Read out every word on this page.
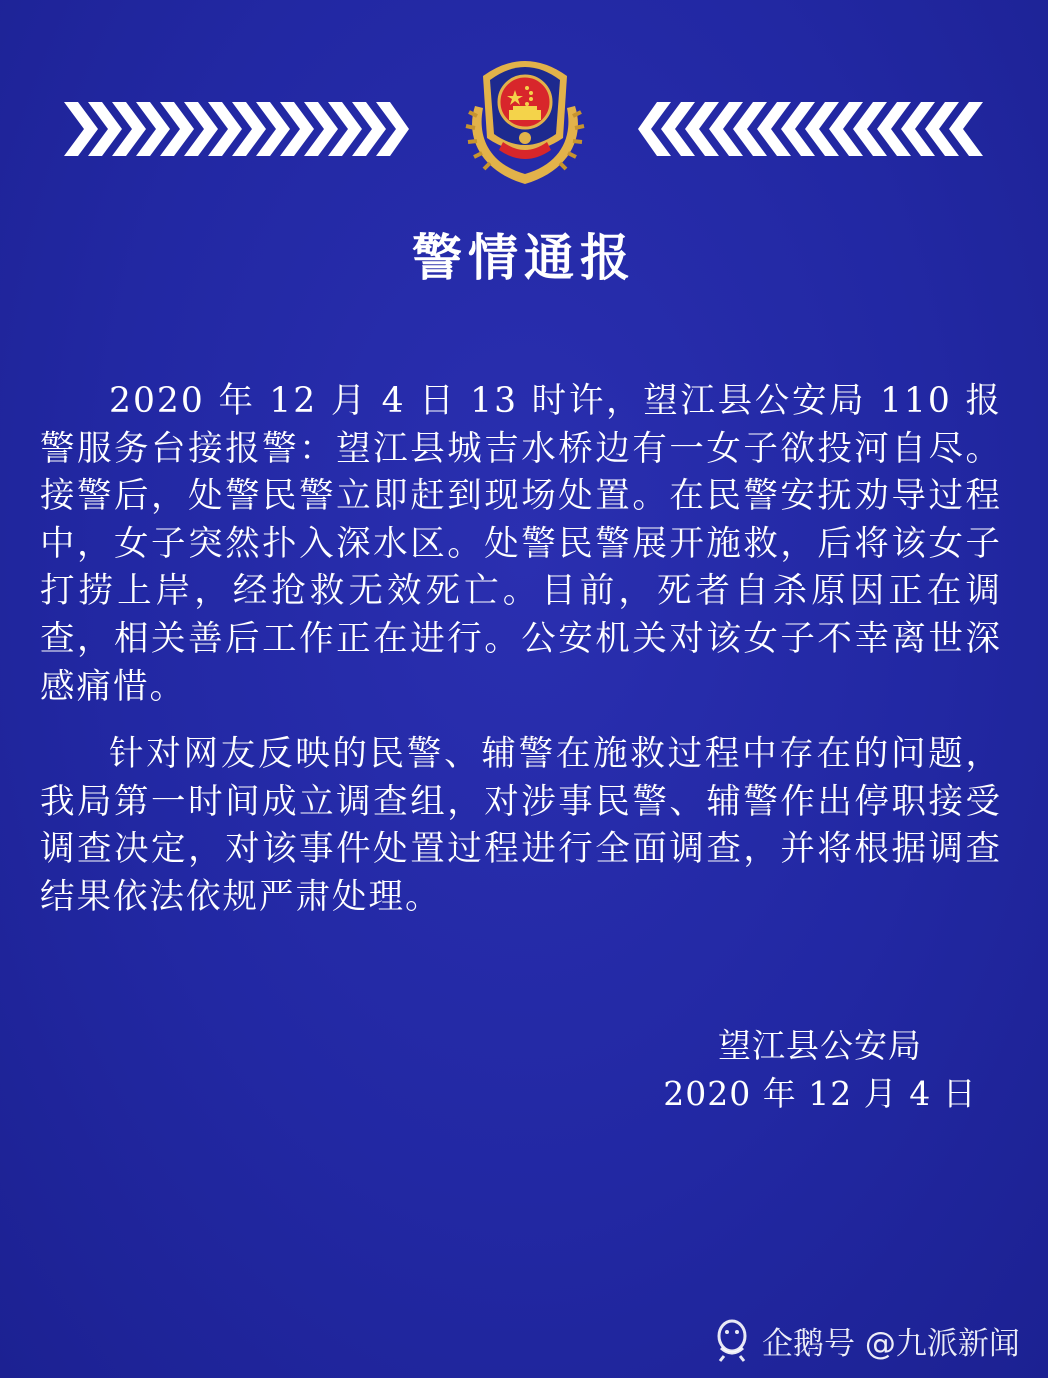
警情通报

2020 年 12 月 4 日 13 时许，望江县公安局 110 报警服务台接报警：望江县城吉水桥边有一女子欲投河自尽。接警后，处警民警立即赶到现场处置。在民警安抚劝导过程中，女子突然扑入深水区。处警民警展开施救，后将该女子打捞上岸，经抢救无效死亡。目前，死者自杀原因正在调查，相关善后工作正在进行。公安机关对该女子不幸离世深感痛惜。

针对网友反映的民警、辅警在施救过程中存在的问题，我局第一时间成立调查组，对涉事民警、辅警作出停职接受调查决定，对该事件处置过程进行全面调查，并将根据调查结果依法依规严肃处理。

望江县公安局
2020 年 12 月 4 日
企鹅号 @九派新闻
